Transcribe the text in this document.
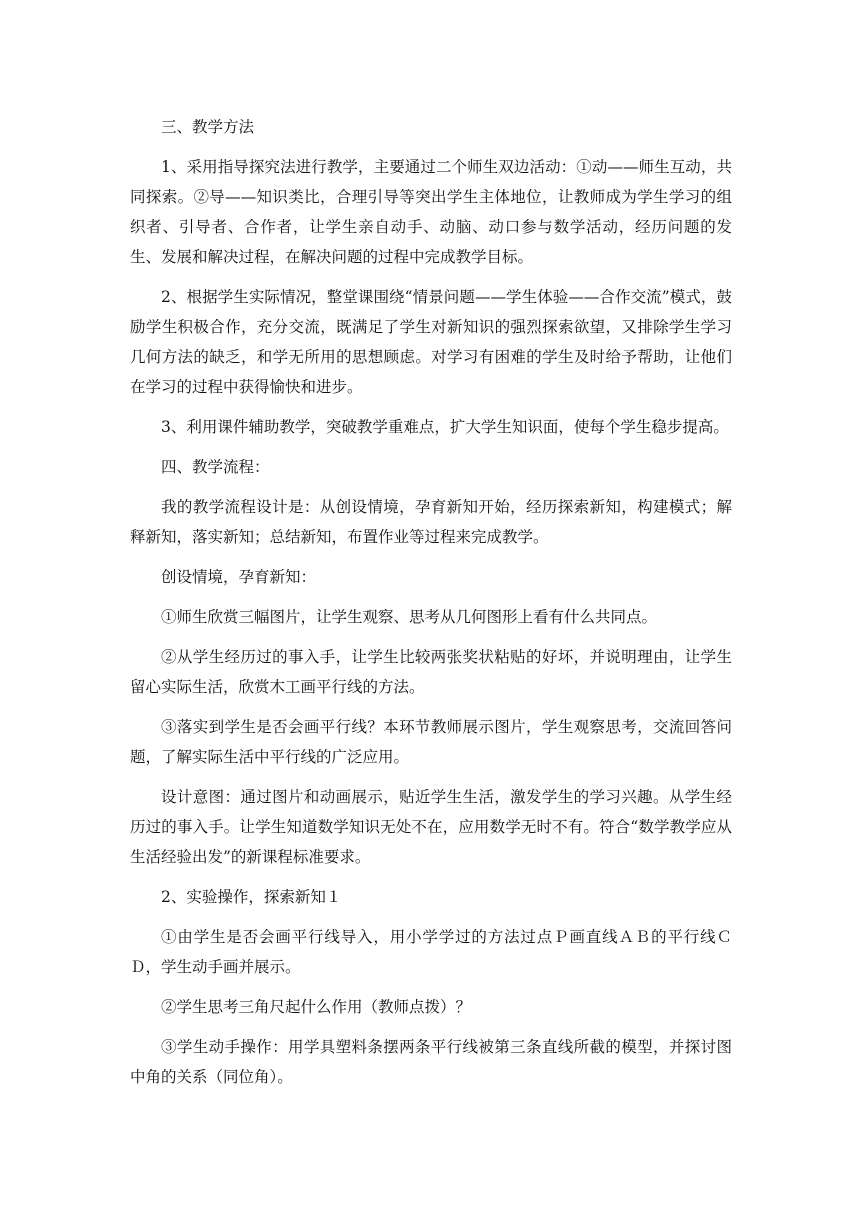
三、教学方法

1、采用指导探究法进行教学，主要通过二个师生双边活动：①动——师生互动，共同探索。②导——知识类比，合理引导等突出学生主体地位，让教师成为学生学习的组织者、引导者、合作者，让学生亲自动手、动脑、动口参与数学活动，经历问题的发生、发展和解决过程，在解决问题的过程中完成教学目标。

2、根据学生实际情况，整堂课围绕“情景问题——学生体验——合作交流”模式，鼓励学生积极合作，充分交流，既满足了学生对新知识的强烈探索欲望，又排除学生学习几何方法的缺乏，和学无所用的思想顾虑。对学习有困难的学生及时给予帮助，让他们在学习的过程中获得愉快和进步。

3、利用课件辅助教学，突破教学重难点，扩大学生知识面，使每个学生稳步提高。

四、教学流程：

我的教学流程设计是：从创设情境，孕育新知开始，经历探索新知，构建模式；解释新知，落实新知；总结新知，布置作业等过程来完成教学。

创设情境，孕育新知：

①师生欣赏三幅图片，让学生观察、思考从几何图形上看有什么共同点。

②从学生经历过的事入手，让学生比较两张奖状粘贴的好坏，并说明理由，让学生留心实际生活，欣赏木工画平行线的方法。

③落实到学生是否会画平行线？本环节教师展示图片，学生观察思考，交流回答问题，了解实际生活中平行线的广泛应用。

设计意图：通过图片和动画展示，贴近学生生活，激发学生的学习兴趣。从学生经历过的事入手。让学生知道数学知识无处不在，应用数学无时不有。符合“数学教学应从生活经验出发”的新课程标准要求。

2、实验操作，探索新知１

①由学生是否会画平行线导入，用小学学过的方法过点Ｐ画直线ＡＢ的平行线ＣＤ，学生动手画并展示。

②学生思考三角尺起什么作用（教师点拨）？

③学生动手操作：用学具塑料条摆两条平行线被第三条直线所截的模型，并探讨图中角的关系（同位角）。
